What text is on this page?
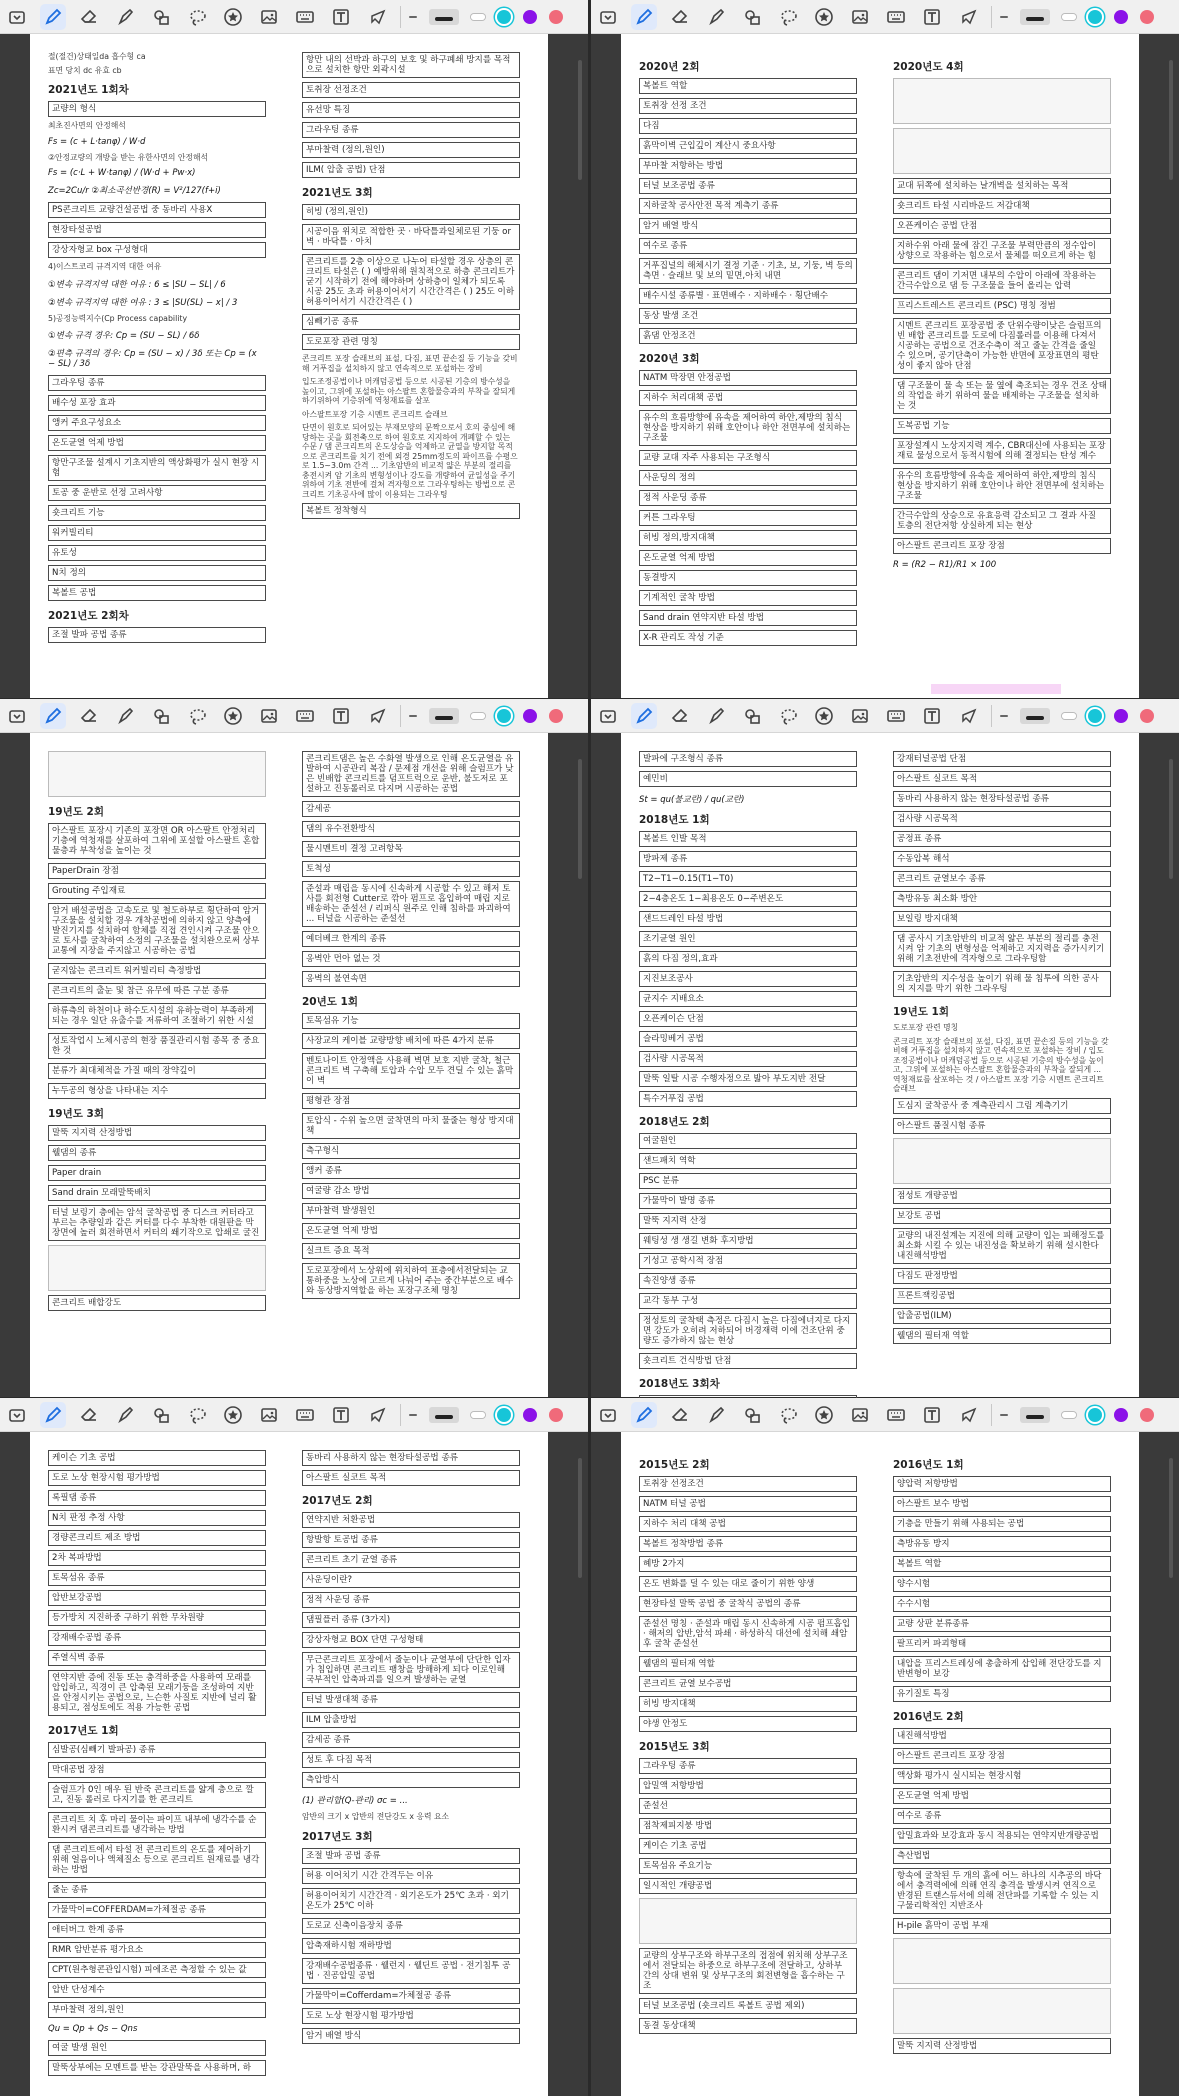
절(절건)상태일da 흡수형 ca
표면 당치 dc 유효 cb
2021년도 1회차
교량의 형식
최초진사면의 안정해석
Fs = (c + L·tanφ) / W·d
②안정교량의 개방을 받는 유한사면의 안정해석
Fs = (c·L + W·tanφ) / (W·d + Pw·x)
Zc=2Cu/r ②최소곡선반경(R) = V²/127(f+i)
PS콘크리트 교량건설공법 중 동바리 사용X
현장타설공법
강상자형교 box 구성형대
4)이스트코리 규격지역 대한 여유
①변속 규격지역 대한 여유 : 6 ≤ |SU − SL| / 6
②변속 규격지역 대한 여유 : 3 ≤ |SU(SL) − x| / 3
5)공정능력지수(Cp Process capability
①변속 규격 경우: Cp = (SU − SL) / 6δ
②편측 규격의 경우: Cp = (SU − x) / 3δ 또는 Cp = (x − SL) / 3δ
그라우팅 종류
배수성 포장 효과
앵커 주요구성요소
온도균열 억제 방법
항만구조물 설계시 기초지반의 액상화평가 실시 현장 시험
토공 중 운반로 선정 고려사항
숏크리트 기능
워커빌리티
유토성
N치 정의
복볼트 공법
2021년도 2회차
조절 발파 공법 종류
항만 내의 선박과 하구의 보호 및 하구폐쇄 방지를 목적으로 설치한 항만 외곽시설
토취장 선정조건
유선망 특징
그라우팅 종류
부마찰력 (정의,원인)
ILM( 압출 공법) 단점
2021년도 3회
히빙 (정의,원인)
시공이음 위치로 적합한 곳 · 바닥틀과일체로된 기둥 or 벽 · 바닥틀 · 아치
콘크리트를 2층 이상으로 나누어 타설할 경우 상층의 콘크리트 타설은 ( ) 예방위해 원칙적으로 하층 콘크리트가 굳기 시작하기 전에 해야하며 상하층이 일체가 되도록 시공 25도 초과 허용이어서기 시간간격은 ( ) 25도 이하 허용이어서기 시간간격은 ( )
심빼기공 종류
도로포장 관련 명칭
콘크리트 포장 슬래브의 표설, 다짐, 표면 끝손질 등 기능을 갖비해 거푸집을 설치하지 않고 연속적으로 포설하는 장비
입도조정공법이나 머캐덤공법 등으로 시공된 기층의 방수성을 높이고, 그위에 포설하는 아스팔트 혼합물층과의 부착을 잘되게 하기위하여 기층위에 역청재료를 살포
아스팔트포장 기층 시멘트 콘크리트 슬래브
단면이 원호로 되어있는 부재모양의 문짝으로서 호의 중심에 해당하는 곳을 회전축으로 하여 원호로 지지하여 개폐할 수 있는 수문 / 댐 콘크리트의 온도상승을 억제하고 균열을 방지할 목적으로 콘크리트를 치기 전에 외경 25mm정도의 파이프를 수평으로 1.5~3.0m 간격 ... 기초암반의 비교적 얇은 부분의 절리를 충전시켜 암 기초의 변형성이나 강도를 개량하여 균일성을 주기 위하여 기초 전반에 걸쳐 격자형으로 그라우팅하는 방법으로 콘크리트 기초공사에 많이 이용되는 그라우팅
복볼트 정착형식
2020년 2회
복볼트 역할
토취장 선정 조건
다짐
흙막이벽 근입깊이 계산시 중요사항
부마찰 저항하는 방법
터널 보조공법 종류
지하굴착 공사안전 목적 계측기 종류
암거 배열 방식
여수로 종류
거푸집널의 해체시기 결정 기준 · 기초, 보, 기둥, 벽 등의 측면 · 슬래브 및 보의 밑면,아치 내면
배수시설 종류별 · 표면배수 · 지하배수 · 횡단배수
동상 발생 조건
흙댐 안정조건
2020년 3회
NATM 막장면 안정공법
지하수 처리대책 공법
유수의 흐름방향에 유속을 제어하여 하안,제방의 침식 현상을 방지하기 위해 호안이나 하안 전면부에 설치하는 구조물
교량 교대 자주 사용되는 구조형식
사운딩의 정의
정적 사운딩 종류
커튼 그라우팅
히빙 정의,방지대책
온도균열 억제 방법
동결방지
기계적인 굴착 방법
Sand drain 연약지반 타설 방법
X-R 관리도 작성 기준
2020년도 4회
교대 뒤쪽에 설치하는 날개벽을 설치하는 목적
숏크리트 타설 시리바운드 저감대책
오픈케이슨 공법 단점
지하수위 아래 물에 잠긴 구조물 부력만큼의 정수압이 상향으로 작용하는 힘으로서 물체를 떠오르게 하는 힘
콘크리트 댐이 기저면 내부의 수압이 아래에 작용하는 간극수압으로 댐 등 구조물을 들어 올리는 압력
프리스트레스트 콘크리트 (PSC) 명칭 정범
시멘트 콘크리트 포장공법 중 단위수량이낮은 슬럼프의 빈 배합 콘크리트를 도로에 다짐롤러를 이용해 다져서 시공하는 공법으로 건조수축이 적고 줄눈 간격을 줄일 수 있으며, 공기단축이 가능한 반면에 포장표면의 평탄성이 좋지 않아 단점
댐 구조물이 물 속 또는 물 옆에 축조되는 경우 건조 상태의 작업을 하기 위하여 물을 배제하는 구조물을 설치하는 것
도복공법 기능
포장설계시 노상지지력 계수, CBR대신에 사용되는 포장재료 물성으로서 동적시험에 의해 결정되는 탄성 계수
유수의 흐름방향에 유속을 제어하여 하안,제방의 침식 현상을 방지하기 위해 호안이나 하안 전면부에 설치하는 구조물
간극수압의 상승으로 유효응력 감소되고 그 결과 사질 토층의 전단저항 상실하게 되는 현상
아스팔트 콘크리트 포장 장점
R = (R2 − R1)/R1 × 100
19년도 2회
아스팔트 포장시 기존의 포장면 OR 아스팔트 안정처리기층에 역청재를 살포하여 그위에 포설할 아스팔트 혼합물층과 부착성을 높이는 것
PaperDrain 장점
Grouting 주입재료
암거 배설공법을 고속도로 및 철도하부로 횡단하여 암거구조물을 설치할 경우 개착공법에 의하지 않고 양측에 발진기지를 설치하여 함체를 직접 견인시켜 구조물 안으로 토사를 굴착하여 소정의 구조물을 설치완으로써 상부교통에 지장을 주지않고 시공하는 공법
굳지않는 콘크리트 워커빌리티 측정방법
콘크리트의 출눈 및 참근 유무에 따른 구분 종류
하류측의 하천이나 하수도시설의 유하능력이 부족하게 되는 경우 일단 유출수를 저류하여 조절하기 위한 시설
성토작업시 노체시공의 현장 품질관리시험 종목 중 중요한 것
분류가 최대체적을 가질 때의 장약깊이
누두공의 형상을 나타내는 지수
19년도 3회
말뚝 지지력 산정방법
웰댐의 종류
Paper drain
Sand drain 모래말뚝배치
터널 보링기 층에는 암석 굴착공법 중 디스크 커터라고 부르는 추량일과 같은 커터를 다수 부착한 대원판을 막장면에 높러 회전하면서 커터의 쐐기작으로 압쇄로 굴진
콘크리트 배합강도
콘크리트댐은 높은 수화열 발생으로 인해 온도균열을 유발하여 시공관리 복잡 / 문제점 개선을 위해 슬럼프가 낮은 빈배합 콘크리트를 덤프트럭으로 운반, 불도저로 포설하고 진동롤러로 다지며 시공하는 공법
감세공
댐의 유수전환방식
물시멘트비 결정 고려항목
토척성
준설과 매립을 동시에 신속하게 시공할 수 있고 해저 토사를 회전형 Cutter로 깎아 펌프로 흡입하여 매립 지로 배송하는 준설선 / 리퍼식 원주로 인해 침하를 파괴하여 ... 터널을 시공하는 준설선
예더베크 한계의 종류
옹벽안 먼아 없는 것
옹벽의 불연속면
20년도 1회
토목섬유 기능
사장교의 케이블 교량방향 배치에 따른 4가지 분류
벤토나이트 안정액을 사용해 벽면 보호 지반 굴착, 철근콘크리트 벽 구축해 토압과 수압 모두 견딜 수 있는 흙막이 벽
평형관 장점
토압식 - 수위 높으면 굴착면의 마치 물줄는 형상 방지대책
측구형식
앵커 종류
여굴량 감소 방법
부마찰력 발생원인
온도균열 억제 방법
실크트 증요 목적
도로포장에서 노상위에 위치하여 표층에서전달되는 교통하중을 노상에 고르게 나눠어 주는 중간부분으로 배수와 동상방지역할을 하는 포장구조체 명칭
발파에 구조형식 종류
예민비
St = qu(불교란) / qu(교란)
2018년도 1회
복볼트 인발 목적
방파제 종류
T2−T1−0.15(T1−T0)
2−4층온도 1−최용온도 0−주변온도
샌드드레인 타설 방법
조기균열 원인
흙의 다짐 정의,효과
지진보조공사
균지수 지배요소
오픈케이슨 단점
슬라밍베거 공법
검사량 시공목적
말뚝 일탈 시공 수행자정으로 밟아 부도지반 전달
특수거푸집 공법
2018년도 2회
여굴원인
샌드패치 역학
PSC 분류
가물막이 발명 종류
말뚝 지지력 산정
웨팅성 생 생길 변화 후지방법
기성고 공학시적 장점
속진양생 종류
교각 동부 구성
정성토의 굴착택 측정은 다짐시 높은 다짐에너지로 다지면 강도가 오히려 저하되어 버경재력 이에 건조단위 중량도 증가하지 않는 현상
숏크리트 건식방법 단점
2018년도 3회차
강재터널공법 단점
아스팔트 실코트 목적
동바리 사용하지 않는 현장타설공법 종류
검사량 시공목적
공정표 종류
수동압복 해석
콘크리트 균열보수 종류
측방유동 최소화 방안
보일링 방지대책
댐 공사시 기초암반의 비교적 얇은 부분의 절리를 충전시켜 암 기초의 변형성을 억제하고 지지력을 증가시키기 위해 기초전반에 격자형으로 그라우팅함
기초암반의 지수성을 높이기 위해 물 침투에 의한 공사의 지지를 막기 위한 그라우팅
19년도 1회
도로포장 관련 명칭
콘크리트 포장 슬래브의 포설, 다짐, 표면 끝손질 등의 기능을 갖비해 거푸집을 설치하지 않고 연속적으로 포설하는 장비 / 입도조정공법이나 머캐덤공법 등으로 시공된 기층의 방수성을 높이고, 그위에 포설하는 아스팔트 혼합물층과의 부착을 잘되게 ... 역청재료를 살포하는 것 / 아스팔트 포장 기층 시멘트 콘크리트 슬래브
도심지 굴착공사 중 계측관리시 그림 계측기기
아스팔트 품질시험 종류
점성토 개량공법
보강토 공법
교량의 내진설계는 지진에 의해 교량이 입는 피해정도를 최소화 시킬 수 있는 내진성을 확보하기 위해 설시한다 내진해석방법
다짐도 판정방법
프론트잭킹공법
압출공법(ILM)
웰댐의 필터재 역할
케이슨 기초 공법
도로 노상 현장시험 평가방법
록필댐 종류
N치 판정 추정 사항
경량콘크리트 제조 방법
2차 복파방법
토목섬유 종류
압반보강공법
등가방치 지진하중 구하기 위한 무차원량
강재배수공법 종류
주열식벽 종류
연약지반 증에 진동 또는 충격하중을 사용하여 모래를 압입하고, 직경이 큰 압축된 모래기둥을 조성하여 지반을 안정시키는 공법으로, 느슨한 사질토 지반에 널리 활용되고, 점성토에도 적용 가능한 공법
2017년도 1회
심발공(심빼기 발파공) 종류
막대공법 장점
슬럼프가 0인 매우 된 반죽 콘크리트를 얇게 층으로 깔고, 진동 롤러로 다지기를 한 콘크리트
콘크리트 치 후 마리 물이는 파이프 내부에 냉각수를 순환시켜 댐콘크리트를 냉각하는 방법
댐 콘크리트에서 타설 전 콘크리트의 온도를 제어하기 위해 얼음이나 액체질소 등으로 콘크리트 원재료를 냉각하는 방법
줄눈 종류
가물막이=COFFERDAM=가체절공 종류
애터버그 한계 종류
RMR 암반분류 평가요소
CPT(원추형콘관입시험) 피에조콘 측정할 수 있는 값
압반 단성계수
부마찰력 정의,원인
Qu = Qp + Qs − Qns
여굴 발생 원인
말뚝상부에는 모멘트를 받는 강관말뚝을 사용하며, 하
동바리 사용하지 않는 현장타설공법 종류
아스팔트 실코트 목적
2017년도 2회
연약지반 처환공법
항발항 토공법 종류
콘크리트 초기 균열 종류
사운딩이란?
정적 사운딩 종류
댐필플러 종류 (3가지)
강상자형교 BOX 단면 구성형태
무근콘크리트 포장에서 줄눈이나 균열부에 단단한 입자가 침입하면 콘크리트 팽창을 방해하게 되다 이로인해 국부적인 압축파괴를 일으켜 발생하는 균열
터널 발생대책 종류
ILM 압출방법
감세공 종류
성토 후 다짐 목적
측압방식
(1) 관리합(Q-관리) σc = ...
암반의 크기 x 압반의 전단강도 x 응력 요소
2017년도 3회
조절 발파 공법 종류
허용 이어치기 시간 간격두는 이유
허용이어치기 시간간격 · 외기온도가 25℃ 초과 · 외기온도가 25℃ 이하
도로교 신축이음장치 종류
압축재하시험 재하방법
강재배수공법종류 · 웰런지 · 웰딘트 공법 · 전기침투 공법 · 진공압밀 공법
가물막이=Cofferdam=가체절공 종류
도로 노상 현장시험 평가방법
암거 배열 방식
2015년도 2회
토취장 선정조건
NATM 터널 공법
지하수 처리 대책 공법
복볼트 정착방법 종류
혜방 2가지
온도 변화를 덜 수 있는 대로 줄이기 위한 양생
현장타설 말뚝 공법 중 굴착식 공법의 종류
준설선 명칭 · 준설과 매립 동시 신속하게 시공 펌프흡입 · 해저의 압반,암석 파쇄 · 하성하식 대선에 설치해 쇄암 후 굴착 준설선
웰댐의 필터재 역할
콘크리트 균열 보수공법
히빙 방지대책
야생 안정도
2015년도 3회
그라우팅 종류
압밀액 저항방법
준설선
점착제피지붕 방법
케이슨 기초 공법
토목섬유 주요기능
일시적인 개량공법
교량의 상부구조와 하부구조의 접점에 위치해 상부구조에서 전달되는 하중으로 하부구조에 전달하고, 상하부 간의 상대 변위 및 상부구조의 회전변형을 흡수하는 구조
터널 보조공법 (숏크리트 록볼트 공법 제외)
동결 동상대책
2016년도 1회
양압력 저항방법
아스팔트 보수 방법
기층을 만들기 위해 사용되는 공법
측방유동 방지
복볼트 역할
양수시험
수수시험
교량 상판 분류종류
팔프리커 파괴형태
내압을 프리스트레싱에 총출하게 삽입해 전단강도를 지반변형이 보강
유기질토 특징
2016년도 2회
내진해석방법
아스팔트 콘크리트 포장 장점
액상화 평가시 실시되는 현장시험
온도균열 억제 방법
여수로 종류
압밀효과와 보강효과 동시 적용되는 연약지반개량공법
측산법법
항속에 굴착된 두 개의 흙에 어느 하나의 시추공의 바닥에서 충격력에에 의해 연직 충격을 발생시켜 연직으로 반경된 트랜스듀서에 의해 전단파를 기록할 수 있는 지구물리학적인 지반조사
H-pile 흙막이 공법 부재
말뚝 지지력 산정방법
